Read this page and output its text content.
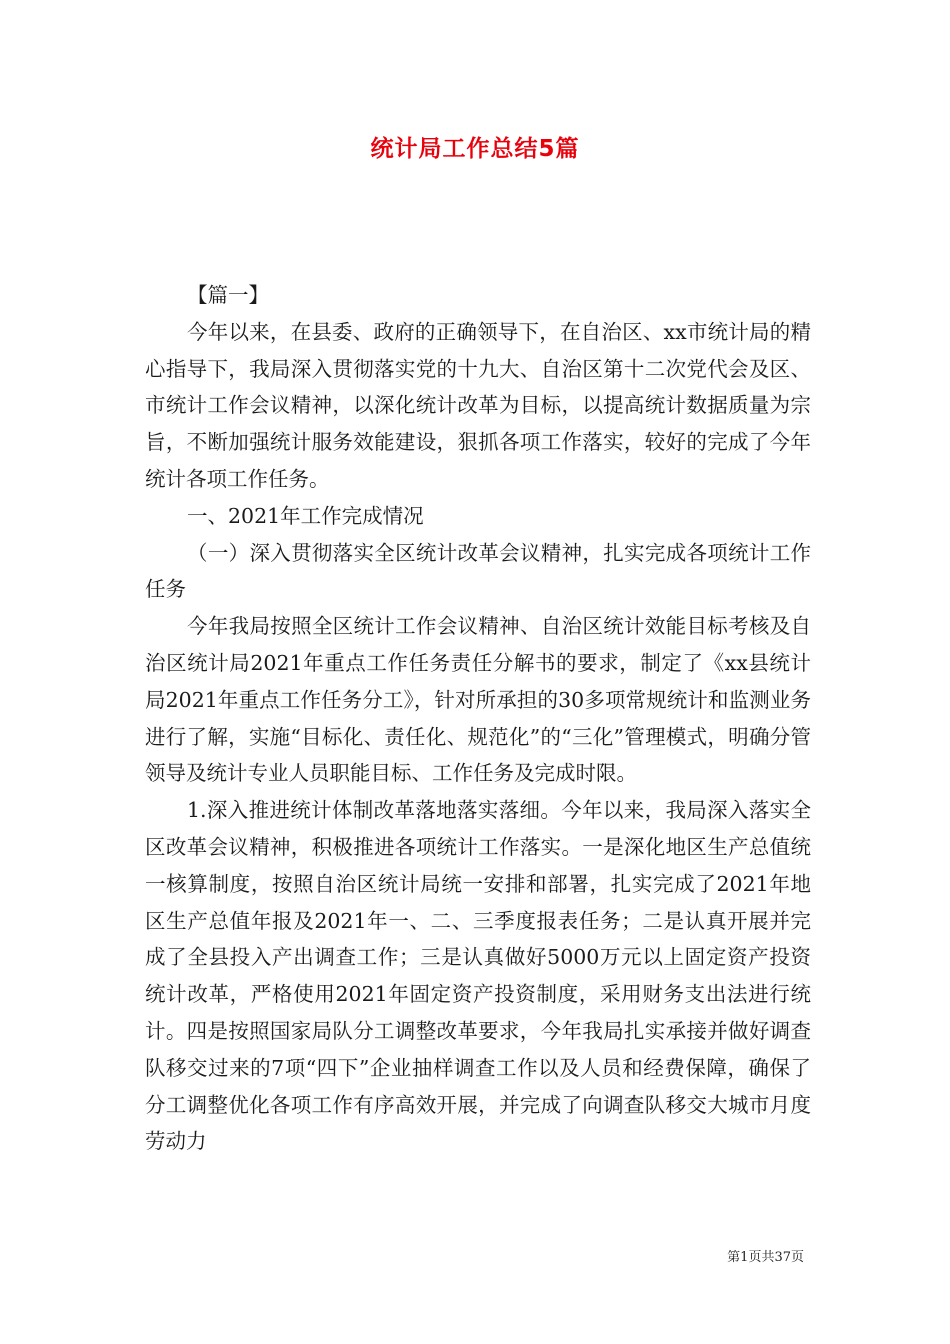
统计局工作总结5篇

【篇一】

今年以来，在县委、政府的正确领导下，在自治区、xx市统计局的精心指导下，我局深入贯彻落实党的十九大、自治区第十二次党代会及区、市统计工作会议精神，以深化统计改革为目标，以提高统计数据质量为宗旨，不断加强统计服务效能建设，狠抓各项工作落实，较好的完成了今年统计各项工作任务。

一、2021年工作完成情况

（一）深入贯彻落实全区统计改革会议精神，扎实完成各项统计工作任务

今年我局按照全区统计工作会议精神、自治区统计效能目标考核及自治区统计局2021年重点工作任务责任分解书的要求，制定了《xx县统计局2021年重点工作任务分工》，针对所承担的30多项常规统计和监测业务进行了解，实施“目标化、责任化、规范化”的“三化”管理模式，明确分管领导及统计专业人员职能目标、工作任务及完成时限。

1.深入推进统计体制改革落地落实落细。今年以来，我局深入落实全区改革会议精神，积极推进各项统计工作落实。一是深化地区生产总值统一核算制度，按照自治区统计局统一安排和部署，扎实完成了2021年地区生产总值年报及2021年一、二、三季度报表任务；二是认真开展并完成了全县投入产出调查工作；三是认真做好5000万元以上固定资产投资统计改革，严格使用2021年固定资产投资制度，采用财务支出法进行统计。四是按照国家局队分工调整改革要求，今年我局扎实承接并做好调查队移交过来的7项“四下”企业抽样调查工作以及人员和经费保障，确保了分工调整优化各项工作有序高效开展，并完成了向调查队移交大城市月度劳动力

第1页共37页
